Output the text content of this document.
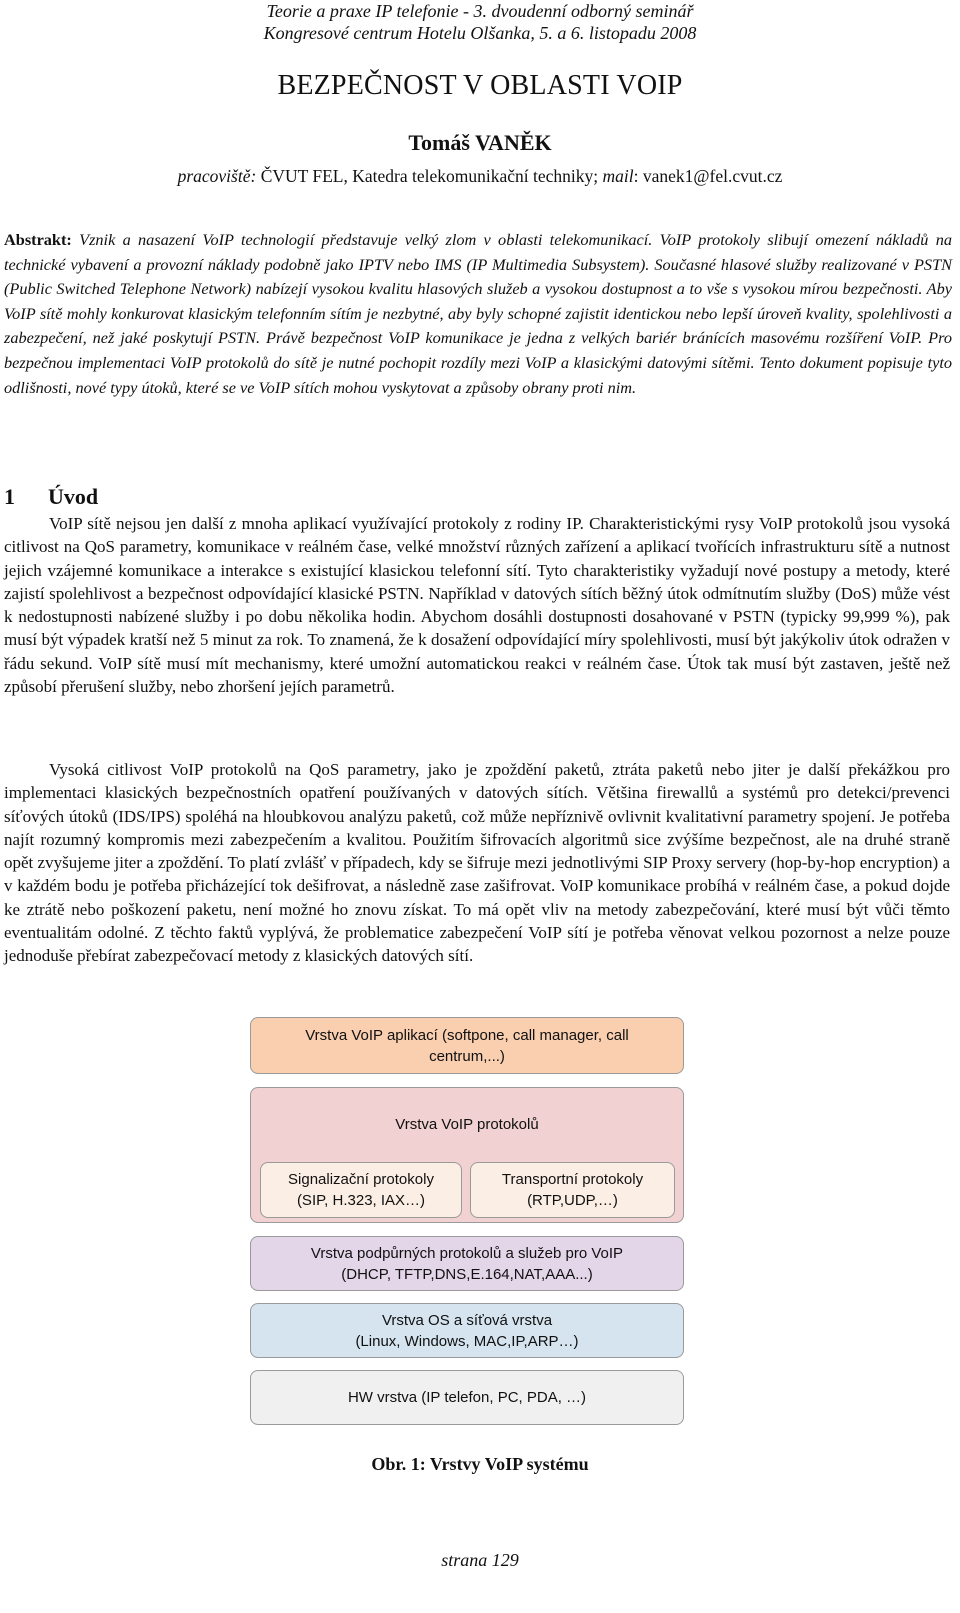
Teorie a praxe IP telefonie - 3. dvoudenní odborný seminář
Kongresové centrum Hotelu Olšanka, 5. a 6. listopadu 2008
BEZPEČNOST V OBLASTI VOIP
Tomáš VANĚK
pracoviště: ČVUT FEL, Katedra telekomunikační techniky; mail: vanek1@fel.cvut.cz
Abstrakt: Vznik a nasazení VoIP technologií představuje velký zlom v oblasti telekomunikací. VoIP protokoly slibují omezení nákladů na technické vybavení a provozní náklady podobně jako IPTV nebo IMS (IP Multimedia Subsystem). Současné hlasové služby realizované v PSTN (Public Switched Telephone Network) nabízejí vysokou kvalitu hlasových služeb a vysokou dostupnost a to vše s vysokou mírou bezpečnosti. Aby VoIP sítě mohly konkurovat klasickým telefonním sítím je nezbytné, aby byly schopné zajistit identickou nebo lepší úroveň kvality, spolehlivosti a zabezpečení, než jaké poskytují PSTN. Právě bezpečnost VoIP komunikace je jedna z velkých bariér bránících masovému rozšíření VoIP. Pro bezpečnou implementaci VoIP protokolů do sítě je nutné pochopit rozdíly mezi VoIP a klasickými datovými sítěmi. Tento dokument popisuje tyto odlišnosti, nové typy útoků, které se ve VoIP sítích mohou vyskytovat a způsoby obrany proti nim.
1 Úvod
VoIP sítě nejsou jen další z mnoha aplikací využívající protokoly z rodiny IP. Charakteristickými rysy VoIP protokolů jsou vysoká citlivost na QoS parametry, komunikace v reálném čase, velké množství různých zařízení a aplikací tvořících infrastrukturu sítě a nutnost jejich vzájemné komunikace a interakce s existující klasickou telefonní sítí. Tyto charakteristiky vyžadují nové postupy a metody, které zajistí spolehlivost a bezpečnost odpovídající klasické PSTN. Například v datových sítích běžný útok odmítnutím služby (DoS) může vést k nedostupnosti nabízené služby i po dobu několika hodin. Abychom dosáhli dostupnosti dosahované v PSTN (typicky 99,999 %), pak musí být výpadek kratší než 5 minut za rok. To znamená, že k dosažení odpovídající míry spolehlivosti, musí být jakýkoliv útok odražen v řádu sekund. VoIP sítě musí mít mechanismy, které umožní automatickou reakci v reálném čase. Útok tak musí být zastaven, ještě než způsobí přerušení služby, nebo zhoršení jejích parametrů.
Vysoká citlivost VoIP protokolů na QoS parametry, jako je zpoždění paketů, ztráta paketů nebo jiter je další překážkou pro implementaci klasických bezpečnostních opatření používaných v datových sítích. Většina firewallů a systémů pro detekci/prevenci síťových útoků (IDS/IPS) spoléhá na hloubkovou analýzu paketů, což může nepříznivě ovlivnit kvalitativní parametry spojení. Je potřeba najít rozumný kompromis mezi zabezpečením a kvalitou. Použitím šifrovacích algoritmů sice zvýšíme bezpečnost, ale na druhé straně opět zvyšujeme jiter a zpoždění. To platí zvlášť v případech, kdy se šifruje mezi jednotlivými SIP Proxy servery (hop-by-hop encryption) a v každém bodu je potřeba přicházející tok dešifrovat, a následně zase zašifrovat. VoIP komunikace probíhá v reálném čase, a pokud dojde ke ztrátě nebo poškození paketu, není možné ho znovu získat. To má opět vliv na metody zabezpečování, které musí být vůči těmto eventualitám odolné. Z těchto faktů vyplývá, že problematice zabezpečení VoIP sítí je potřeba věnovat velkou pozornost a nelze pouze jednoduše přebírat zabezpečovací metody z klasických datových sítí.
Vrstva VoIP aplikací (softpone, call manager, call
centrum,...)
Vrstva VoIP protokolů
Signalizační protokoly
(SIP, H.323, IAX…)
Transportní protokoly
(RTP,UDP,…)
Vrstva podpůrných protokolů a služeb pro VoIP
(DHCP, TFTP,DNS,E.164,NAT,AAA...)
Vrstva OS a síťová vrstva
(Linux, Windows, MAC,IP,ARP…)
HW vrstva (IP telefon, PC, PDA, …)
Obr. 1: Vrstvy VoIP systému
strana 129
